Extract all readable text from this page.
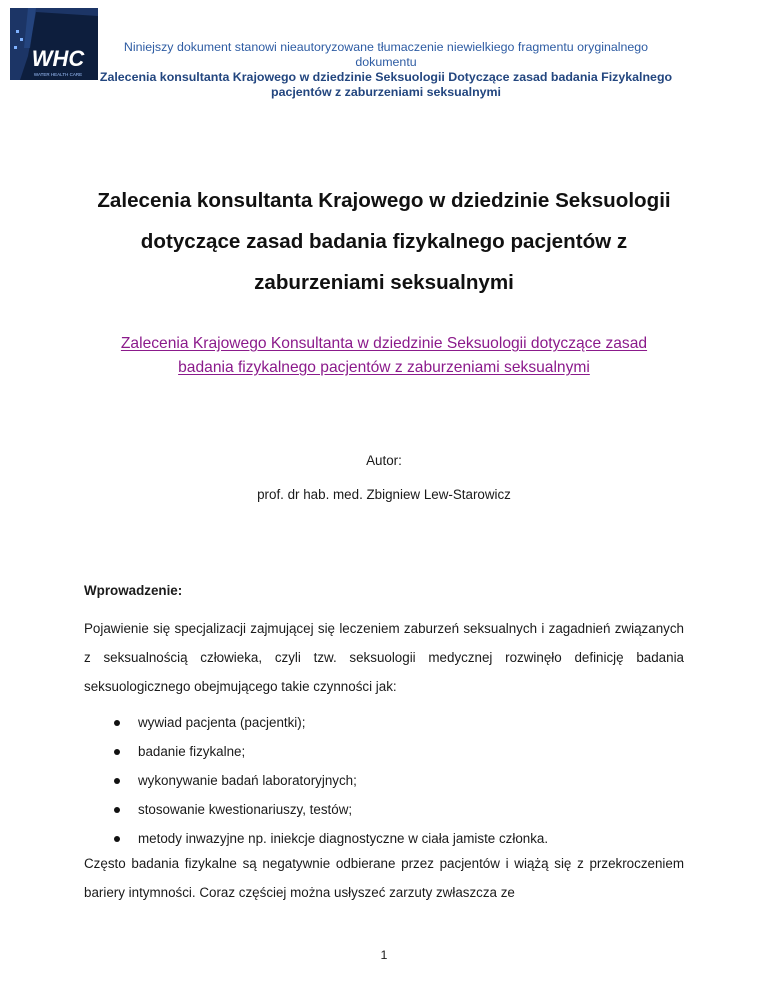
WHC
WATER HEALTH CARE
Niniejszy dokument stanowi nieautoryzowane tłumaczenie niewielkiego fragmentu oryginalnego dokumentu
Zalecenia konsultanta Krajowego w dziedzinie Seksuologii Dotyczące zasad badania Fizykalnego pacjentów z zaburzeniami seksualnymi
Zalecenia konsultanta Krajowego w dziedzinie Seksuologii
dotyczące zasad badania fizykalnego pacjentów z
zaburzeniami seksualnymi
Zalecenia Krajowego Konsultanta w dziedzinie Seksuologii dotyczące zasad
badania fizykalnego pacjentów z zaburzeniami seksualnymi
Autor:
prof. dr hab. med. Zbigniew Lew-Starowicz
Wprowadzenie:
Pojawienie się specjalizacji zajmującej się leczeniem zaburzeń seksualnych i zagadnień związanych z seksualnością człowieka, czyli tzw. seksuologii medycznej rozwinęło definicję badania seksuologicznego obejmującego takie czynności jak:
wywiad pacjenta (pacjentki);
badanie fizykalne;
wykonywanie badań laboratoryjnych;
stosowanie kwestionariuszy, testów;
metody inwazyjne np. iniekcje diagnostyczne w ciała jamiste członka.
Często badania fizykalne są negatywnie odbierane przez pacjentów i wiążą się z przekroczeniem bariery intymności. Coraz częściej można usłyszeć zarzuty zwłaszcza ze
1
